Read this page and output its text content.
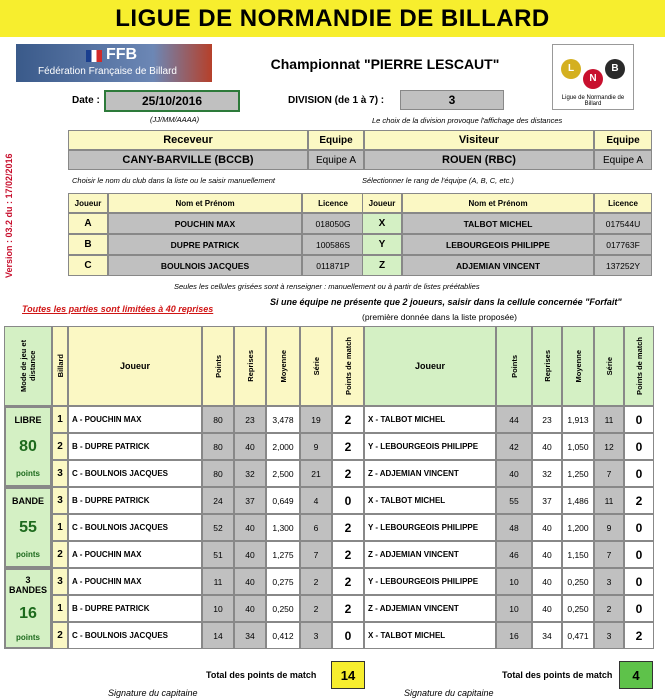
LIGUE DE NORMANDIE DE BILLARD
FFB
Fédération Française de Billard	Championnat "PIERRE LESCAUT"	L
N
B
Ligue de Normandie de Billard
Date :	25/10/2016
(JJ/MM/AAAA)
DIVISION (de 1 à 7) :	3
Le choix de la division provoque l'affichage des distances
Version : 03.2 du : 17/02/2016
Receveur	Equipe	Visiteur	Equipe
CANY-BARVILLE (BCCB)	Equipe A	ROUEN (RBC)	Equipe A
Choisir le nom du club dans la liste ou le saisir manuellement	Sélectionner le rang de l'équipe (A, B, C, etc.)
Joueur	Nom et Prénom	Licence	Joueur	Nom et Prénom	Licence
A	POUCHIN MAX	018050G	X	TALBOT MICHEL	017544U
B	DUPRE PATRICK	100586S	Y	LEBOURGEOIS PHILIPPE	017763F
C	BOULNOIS JACQUES	011871P	Z	ADJEMIAN VINCENT	137252Y
Seules les cellules grisées sont à renseigner : manuellement ou à partir de listes préétablies
Toutes les parties sont limitées à 40 reprises
Si une équipe ne présente que 2 joueurs, saisir dans la cellule concernée "Forfait"
(première donnée dans la liste proposée)
Mode de jeu et distance Billard	Joueur	Points	Reprises	Moyenne	Série	Points de match	Joueur	Points	Reprises	Moyenne	Série	Points de match
LIBRE
80
points
1	A - POUCHIN MAX	80	23	3,478	19	2	X - TALBOT MICHEL	44	23	1,913	11	0
2	B - DUPRE PATRICK	80	40	2,000	9	2	Y - LEBOURGEOIS PHILIPPE	42	40	1,050	12	0
3	C - BOULNOIS JACQUES	80	32	2,500	21	2	Z - ADJEMIAN VINCENT	40	32	1,250	7	0
BANDE
55
points
3	B - DUPRE PATRICK	24	37	0,649	4	0	X - TALBOT MICHEL	55	37	1,486	11	2
1	C - BOULNOIS JACQUES	52	40	1,300	6	2	Y - LEBOURGEOIS PHILIPPE	48	40	1,200	9	0
2	A - POUCHIN MAX	51	40	1,275	7	2	Z - ADJEMIAN VINCENT	46	40	1,150	7	0
3 BANDES
16
points
3	A - POUCHIN MAX	11	40	0,275	2	2	Y - LEBOURGEOIS PHILIPPE	10	40	0,250	3	0
1	B - DUPRE PATRICK	10	40	0,250	2	2	Z - ADJEMIAN VINCENT	10	40	0,250	2	0
2	C - BOULNOIS JACQUES	14	34	0,412	3	0	X - TALBOT MICHEL	16	34	0,471	3	2
Total des points de match	14	Total des points de match	4
Signature du capitaine	Signature du capitaine
